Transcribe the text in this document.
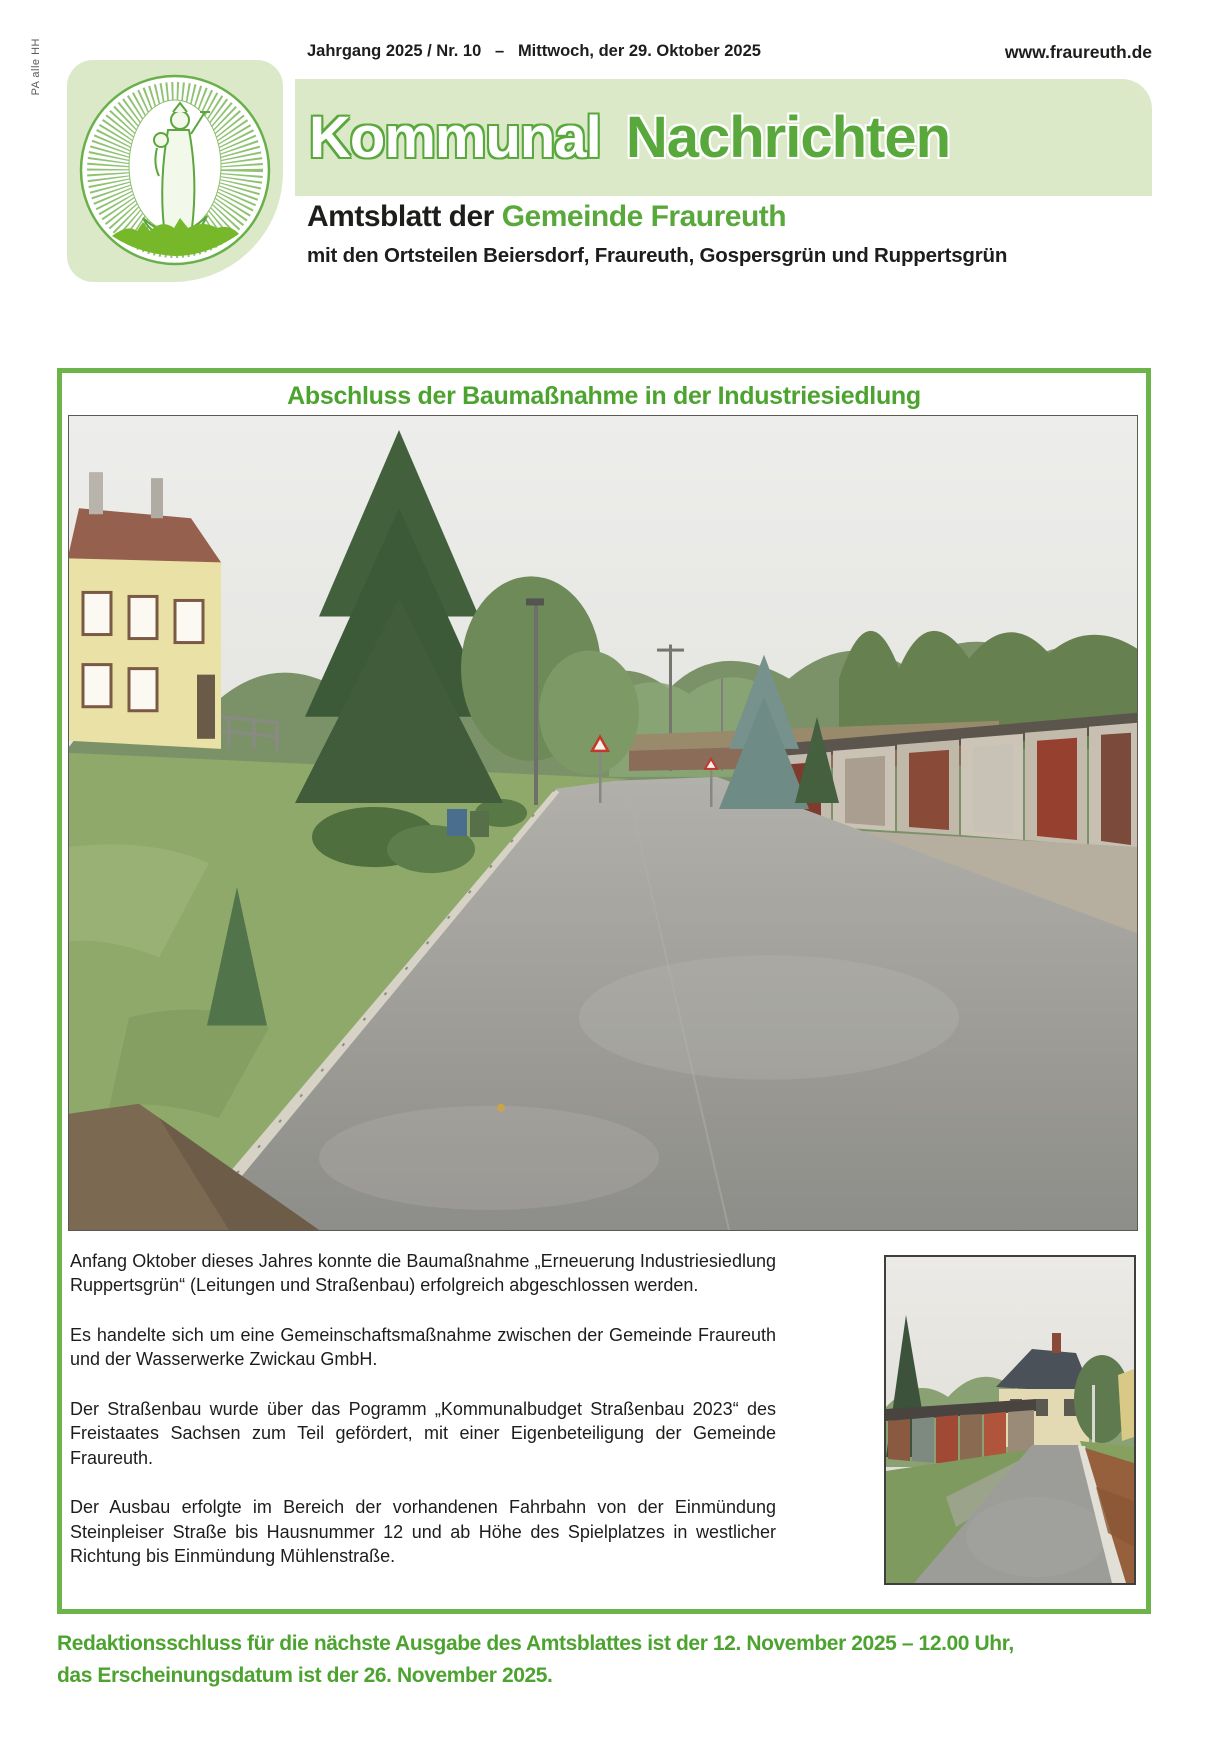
PA alle HH	Jahrgang 2025 / Nr. 10   –   Mittwoch, der 29. Oktober 2025	www.fraureuth.de
Kommunal Nachrichten
Amtsblatt der Gemeinde Fraureuth
mit den Ortsteilen Beiersdorf, Fraureuth, Gospersgrün und Ruppertsgrün
Abschluss der Baumaßnahme in der Industriesiedlung

Anfang Oktober dieses Jahres konnte die Baumaßnahme „Erneuerung Industriesiedlung Ruppertsgrün“ (Leitungen und Straßenbau) erfolgreich abgeschlossen werden.

Es handelte sich um eine Gemeinschaftsmaßnahme zwischen der Gemeinde Fraureuth und der Wasserwerke Zwickau GmbH.

Der Straßenbau wurde über das Pogramm „Kommunalbudget Straßenbau 2023“ des Freistaates Sachsen zum Teil gefördert, mit einer Eigenbeteiligung der Gemeinde Fraureuth.

Der Ausbau erfolgte im Bereich der vorhandenen Fahrbahn von der Einmündung Steinpleiser Straße bis Hausnummer 12 und ab Höhe des Spielplatzes in westlicher Richtung bis Einmündung Mühlenstraße.

Redaktionsschluss für die nächste Ausgabe des Amtsblattes ist der 12. November 2025 – 12.00 Uhr,
das Erscheinungsdatum ist der 26. November 2025.
